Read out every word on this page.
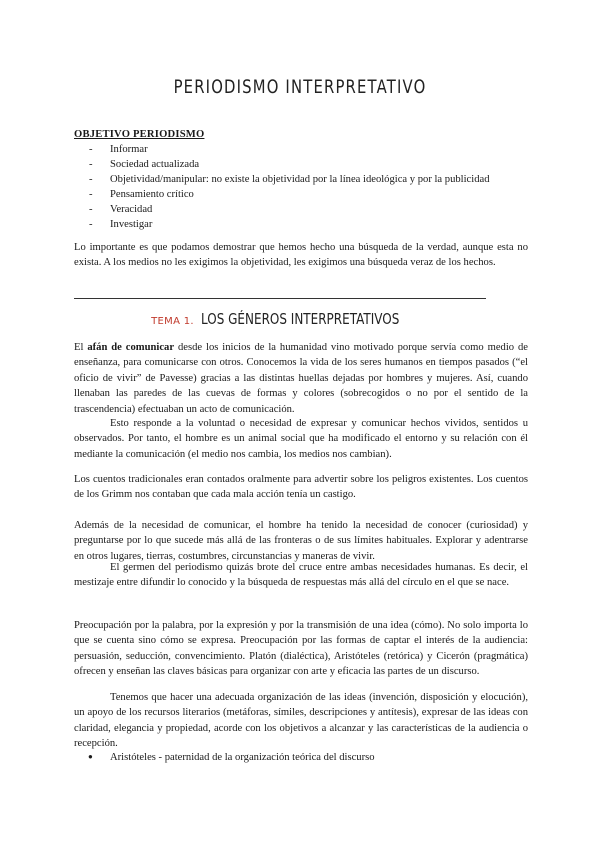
PERIODISMO INTERPRETATIVO
OBJETIVO PERIODISMO
- Informar
- Sociedad actualizada
- Objetividad/manipular: no existe la objetividad por la línea ideológica y por la publicidad
- Pensamiento crítico
- Veracidad
- Investigar

Lo importante es que podamos demostrar que hemos hecho una búsqueda de la verdad, aunque esta no exista. A los medios no les exigimos la objetividad, les exigimos una búsqueda veraz de los hechos.

TEMA 1. LOS GÉNEROS INTERPRETATIVOS

El afán de comunicar desde los inicios de la humanidad vino motivado porque servía como medio de enseñanza, para comunicarse con otros. Conocemos la vida de los seres humanos en tiempos pasados (“el oficio de vivir” de Pavesse) gracias a las distintas huellas dejadas por hombres y mujeres. Así, cuando llenaban las paredes de las cuevas de formas y colores (sobrecogidos o no por el sentido de la trascendencia) efectuaban un acto de comunicación.

Esto responde a la voluntad o necesidad de expresar y comunicar hechos vividos, sentidos u observados. Por tanto, el hombre es un animal social que ha modificado el entorno y su relación con él mediante la comunicación (el medio nos cambia, los medios nos cambian).

Los cuentos tradicionales eran contados oralmente para advertir sobre los peligros existentes. Los cuentos de los Grimm nos contaban que cada mala acción tenía un castigo.

Además de la necesidad de comunicar, el hombre ha tenido la necesidad de conocer (curiosidad) y preguntarse por lo que sucede más allá de las fronteras o de sus límites habituales. Explorar y adentrarse en otros lugares, tierras, costumbres, circunstancias y maneras de vivir.

El germen del periodismo quizás brote del cruce entre ambas necesidades humanas. Es decir, el mestizaje entre difundir lo conocido y la búsqueda de respuestas más allá del círculo en el que se nace.

Preocupación por la palabra, por la expresión y por la transmisión de una idea (cómo). No solo importa lo que se cuenta sino cómo se expresa. Preocupación por las formas de captar el interés de la audiencia: persuasión, seducción, convencimiento. Platón (dialéctica), Aristóteles (retórica) y Cicerón (pragmática) ofrecen y enseñan las claves básicas para organizar con arte y eficacia las partes de un discurso.

Tenemos que hacer una adecuada organización de las ideas (invención, disposición y elocución), un apoyo de los recursos literarios (metáforas, símiles, descripciones y antítesis), expresar de las ideas con claridad, elegancia y propiedad, acorde con los objetivos a alcanzar y las características de la audiencia o recepción.

● Aristóteles - paternidad de la organización teórica del discurso
